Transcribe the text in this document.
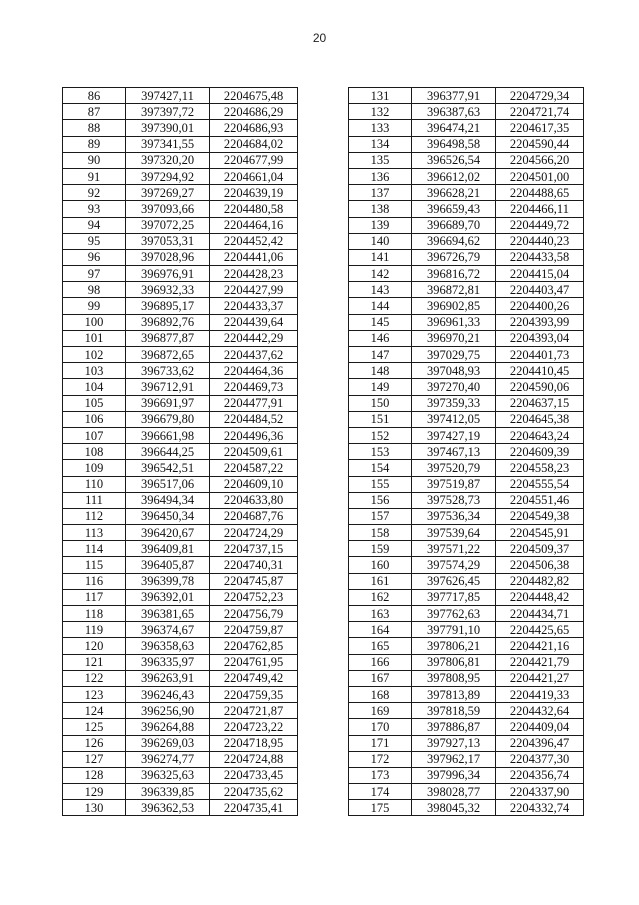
20
86	397427,11	2204675,48
87	397397,72	2204686,29
88	397390,01	2204686,93
89	397341,55	2204684,02
90	397320,20	2204677,99
91	397294,92	2204661,04
92	397269,27	2204639,19
93	397093,66	2204480,58
94	397072,25	2204464,16
95	397053,31	2204452,42
96	397028,96	2204441,06
97	396976,91	2204428,23
98	396932,33	2204427,99
99	396895,17	2204433,37
100	396892,76	2204439,64
101	396877,87	2204442,29
102	396872,65	2204437,62
103	396733,62	2204464,36
104	396712,91	2204469,73
105	396691,97	2204477,91
106	396679,80	2204484,52
107	396661,98	2204496,36
108	396644,25	2204509,61
109	396542,51	2204587,22
110	396517,06	2204609,10
111	396494,34	2204633,80
112	396450,34	2204687,76
113	396420,67	2204724,29
114	396409,81	2204737,15
115	396405,87	2204740,31
116	396399,78	2204745,87
117	396392,01	2204752,23
118	396381,65	2204756,79
119	396374,67	2204759,87
120	396358,63	2204762,85
121	396335,97	2204761,95
122	396263,91	2204749,42
123	396246,43	2204759,35
124	396256,90	2204721,87
125	396264,88	2204723,22
126	396269,03	2204718,95
127	396274,77	2204724,88
128	396325,63	2204733,45
129	396339,85	2204735,62
130	396362,53	2204735,41
131	396377,91	2204729,34
132	396387,63	2204721,74
133	396474,21	2204617,35
134	396498,58	2204590,44
135	396526,54	2204566,20
136	396612,02	2204501,00
137	396628,21	2204488,65
138	396659,43	2204466,11
139	396689,70	2204449,72
140	396694,62	2204440,23
141	396726,79	2204433,58
142	396816,72	2204415,04
143	396872,81	2204403,47
144	396902,85	2204400,26
145	396961,33	2204393,99
146	396970,21	2204393,04
147	397029,75	2204401,73
148	397048,93	2204410,45
149	397270,40	2204590,06
150	397359,33	2204637,15
151	397412,05	2204645,38
152	397427,19	2204643,24
153	397467,13	2204609,39
154	397520,79	2204558,23
155	397519,87	2204555,54
156	397528,73	2204551,46
157	397536,34	2204549,38
158	397539,64	2204545,91
159	397571,22	2204509,37
160	397574,29	2204506,38
161	397626,45	2204482,82
162	397717,85	2204448,42
163	397762,63	2204434,71
164	397791,10	2204425,65
165	397806,21	2204421,16
166	397806,81	2204421,79
167	397808,95	2204421,27
168	397813,89	2204419,33
169	397818,59	2204432,64
170	397886,87	2204409,04
171	397927,13	2204396,47
172	397962,17	2204377,30
173	397996,34	2204356,74
174	398028,77	2204337,90
175	398045,32	2204332,74
